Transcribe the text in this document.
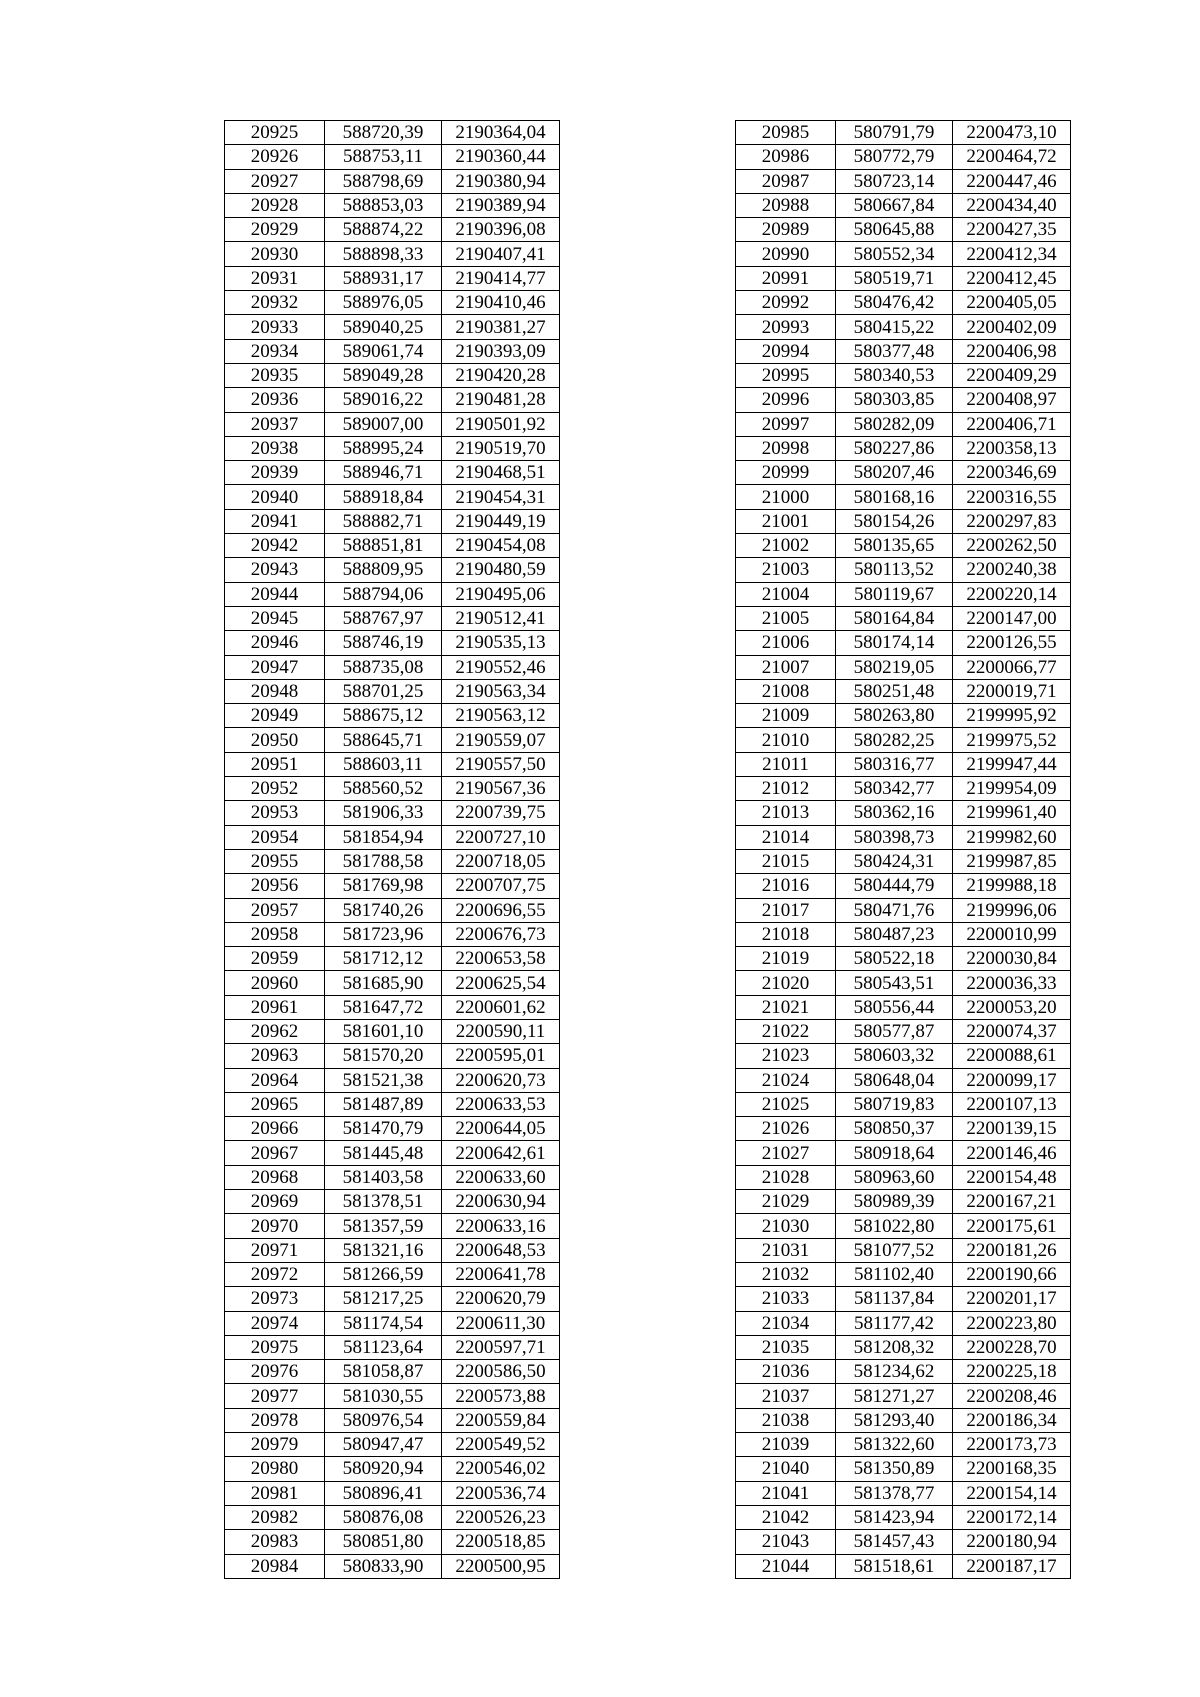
20925	588720,39	2190364,04
20926	588753,11	2190360,44
20927	588798,69	2190380,94
20928	588853,03	2190389,94
20929	588874,22	2190396,08
20930	588898,33	2190407,41
20931	588931,17	2190414,77
20932	588976,05	2190410,46
20933	589040,25	2190381,27
20934	589061,74	2190393,09
20935	589049,28	2190420,28
20936	589016,22	2190481,28
20937	589007,00	2190501,92
20938	588995,24	2190519,70
20939	588946,71	2190468,51
20940	588918,84	2190454,31
20941	588882,71	2190449,19
20942	588851,81	2190454,08
20943	588809,95	2190480,59
20944	588794,06	2190495,06
20945	588767,97	2190512,41
20946	588746,19	2190535,13
20947	588735,08	2190552,46
20948	588701,25	2190563,34
20949	588675,12	2190563,12
20950	588645,71	2190559,07
20951	588603,11	2190557,50
20952	588560,52	2190567,36
20953	581906,33	2200739,75
20954	581854,94	2200727,10
20955	581788,58	2200718,05
20956	581769,98	2200707,75
20957	581740,26	2200696,55
20958	581723,96	2200676,73
20959	581712,12	2200653,58
20960	581685,90	2200625,54
20961	581647,72	2200601,62
20962	581601,10	2200590,11
20963	581570,20	2200595,01
20964	581521,38	2200620,73
20965	581487,89	2200633,53
20966	581470,79	2200644,05
20967	581445,48	2200642,61
20968	581403,58	2200633,60
20969	581378,51	2200630,94
20970	581357,59	2200633,16
20971	581321,16	2200648,53
20972	581266,59	2200641,78
20973	581217,25	2200620,79
20974	581174,54	2200611,30
20975	581123,64	2200597,71
20976	581058,87	2200586,50
20977	581030,55	2200573,88
20978	580976,54	2200559,84
20979	580947,47	2200549,52
20980	580920,94	2200546,02
20981	580896,41	2200536,74
20982	580876,08	2200526,23
20983	580851,80	2200518,85
20984	580833,90	2200500,95
20985	580791,79	2200473,10
20986	580772,79	2200464,72
20987	580723,14	2200447,46
20988	580667,84	2200434,40
20989	580645,88	2200427,35
20990	580552,34	2200412,34
20991	580519,71	2200412,45
20992	580476,42	2200405,05
20993	580415,22	2200402,09
20994	580377,48	2200406,98
20995	580340,53	2200409,29
20996	580303,85	2200408,97
20997	580282,09	2200406,71
20998	580227,86	2200358,13
20999	580207,46	2200346,69
21000	580168,16	2200316,55
21001	580154,26	2200297,83
21002	580135,65	2200262,50
21003	580113,52	2200240,38
21004	580119,67	2200220,14
21005	580164,84	2200147,00
21006	580174,14	2200126,55
21007	580219,05	2200066,77
21008	580251,48	2200019,71
21009	580263,80	2199995,92
21010	580282,25	2199975,52
21011	580316,77	2199947,44
21012	580342,77	2199954,09
21013	580362,16	2199961,40
21014	580398,73	2199982,60
21015	580424,31	2199987,85
21016	580444,79	2199988,18
21017	580471,76	2199996,06
21018	580487,23	2200010,99
21019	580522,18	2200030,84
21020	580543,51	2200036,33
21021	580556,44	2200053,20
21022	580577,87	2200074,37
21023	580603,32	2200088,61
21024	580648,04	2200099,17
21025	580719,83	2200107,13
21026	580850,37	2200139,15
21027	580918,64	2200146,46
21028	580963,60	2200154,48
21029	580989,39	2200167,21
21030	581022,80	2200175,61
21031	581077,52	2200181,26
21032	581102,40	2200190,66
21033	581137,84	2200201,17
21034	581177,42	2200223,80
21035	581208,32	2200228,70
21036	581234,62	2200225,18
21037	581271,27	2200208,46
21038	581293,40	2200186,34
21039	581322,60	2200173,73
21040	581350,89	2200168,35
21041	581378,77	2200154,14
21042	581423,94	2200172,14
21043	581457,43	2200180,94
21044	581518,61	2200187,17
